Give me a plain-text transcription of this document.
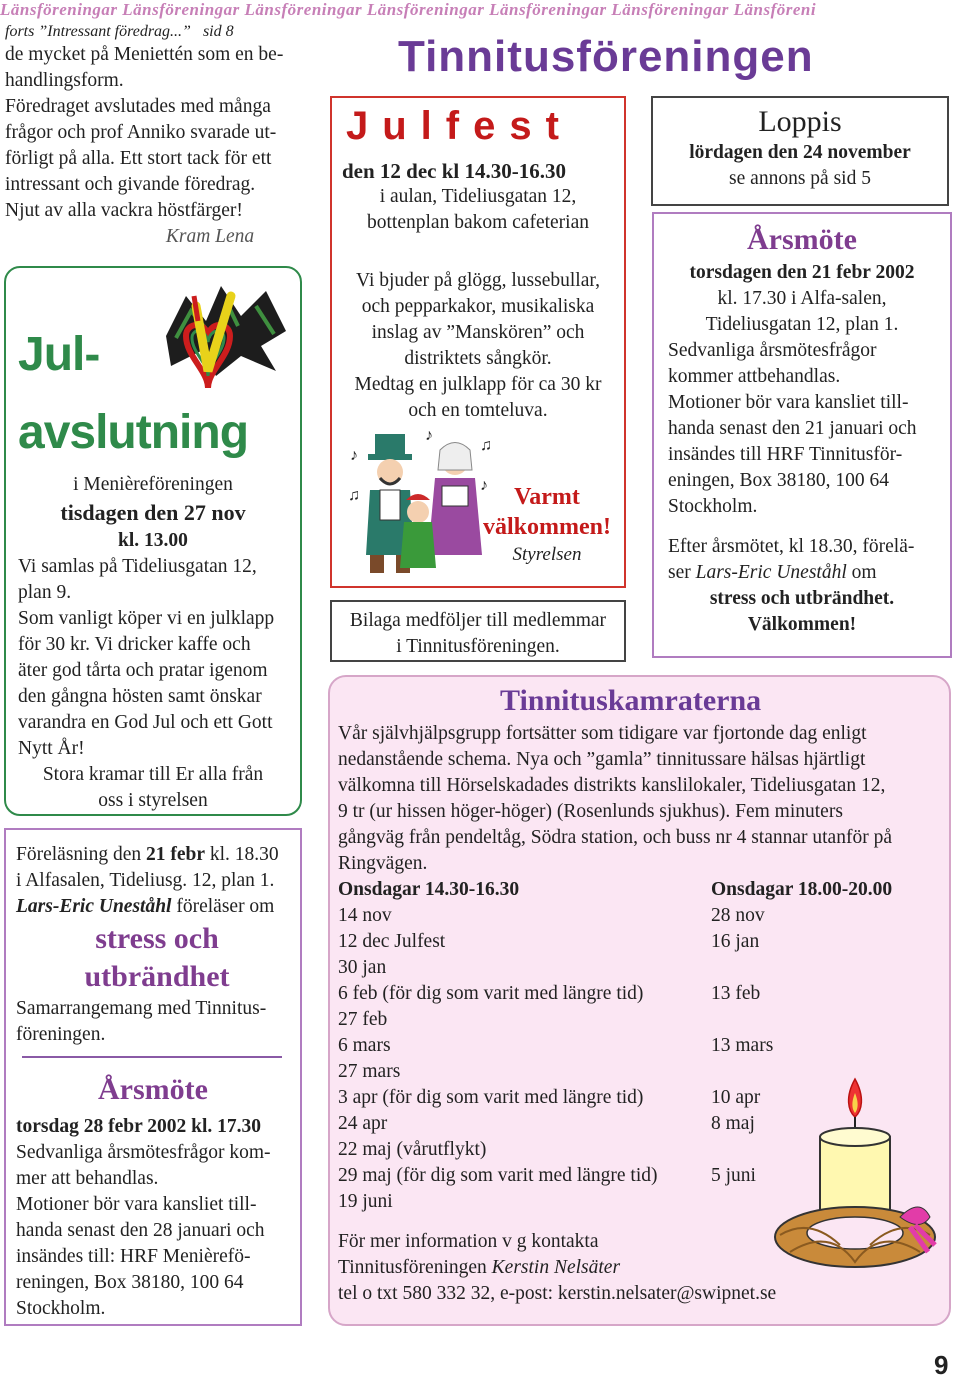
Länsföreningar Länsföreningar Länsföreningar Länsföreningar Länsföreningar Länsföreningar Länsföreni
forts ”Intressant föredrag...” sid 8
de mycket på Meniettén som en be-
handlingsform.
Föredraget avslutades med många
frågor och prof Anniko svarade ut-
förligt på alla. Ett stort tack för ett
intressant och givande föredrag.
Njut av alla vackra höstfärger!
Kram Lena
Jul-
avslutning
i Menièreföreningen
tisdagen den 27 nov
kl. 13.00
Vi samlas på Tideliusgatan 12,
plan 9.
Som vanligt köper vi en julklapp
för 30 kr. Vi dricker kaffe och
äter god tårta och pratar igenom
den gångna hösten samt önskar
varandra en God Jul och ett Gott
Nytt År!
Stora kramar till Er alla från
oss i styrelsen
Föreläsning den 21 febr kl. 18.30
i Alfasalen, Tideliusg. 12, plan 1.
Lars-Eric Uneståhl föreläser om
stress och
utbrändhet
Samarrangemang med Tinnitus-
föreningen.
Årsmöte
torsdag 28 febr 2002 kl. 17.30
Sedvanliga årsmötesfrågor kom-
mer att behandlas.
Motioner bör vara kansliet till-
handa senast den 28 januari och
insändes till: HRF Menièrefö-
reningen, Box 38180, 100 64
Stockholm.
Tinnitusföreningen
Julfest
den 12 dec kl 14.30-16.30
i aulan, Tideliusgatan 12,
bottenplan bakom cafeterian
Vi bjuder på glögg, lussebullar,
och pepparkakor, musikaliska
inslag av ”Manskören” och
distriktets sångkör.
Medtag en julklapp för ca 30 kr
och en tomteluva.
♪
♫
♪
♫
♪	Varmt
välkommen!
Styrelsen
Bilaga medföljer till medlemmar
i Tinnitusföreningen.
Loppis
lördagen den 24 november
se annons på sid 5
Årsmöte
torsdagen den 21 febr 2002
kl. 17.30 i Alfa-salen,
Tideliusgatan 12, plan 1.
Sedvanliga årsmötesfrågor
kommer attbehandlas.
Motioner bör vara kansliet till-
handa senast den 21 januari och
insändes till HRF Tinnitusför-
eningen, Box 38180, 100 64
Stockholm.
Efter årsmötet, kl 18.30, förelä-
ser Lars-Eric Uneståhl om
stress och utbrändhet.
Välkommen!
Tinnituskamraterna
Vår självhjälpsgrupp fortsätter som tidigare var fjortonde dag enligt
nedanstående schema. Nya och ”gamla” tinnitussare hälsas hjärtligt
välkomna till Hörselskadades distrikts kanslilokaler, Tideliusgatan 12,
9 tr (ur hissen höger-höger) (Rosenlunds sjukhus). Fem minuters
gångväg från pendeltåg, Södra station, och buss nr 4 stannar utanför på
Ringvägen.
Onsdagar 14.30-16.30	Onsdagar 18.00-20.00
14 nov	28 nov
12 dec Julfest	16 jan
30 jan	
6 feb (för dig som varit med längre tid)	13 feb
27 feb	
6 mars	13 mars
27 mars	
3 apr (för dig som varit med längre tid)	10 apr
24 apr	8 maj
22 maj (vårutflykt)	
29 maj (för dig som varit med längre tid)	5 juni
19 juni	
För mer information v g kontakta
Tinnitusföreningen Kerstin Nelsäter
tel o txt 580 332 32, e-post: kerstin.nelsater@swipnet.se
9
